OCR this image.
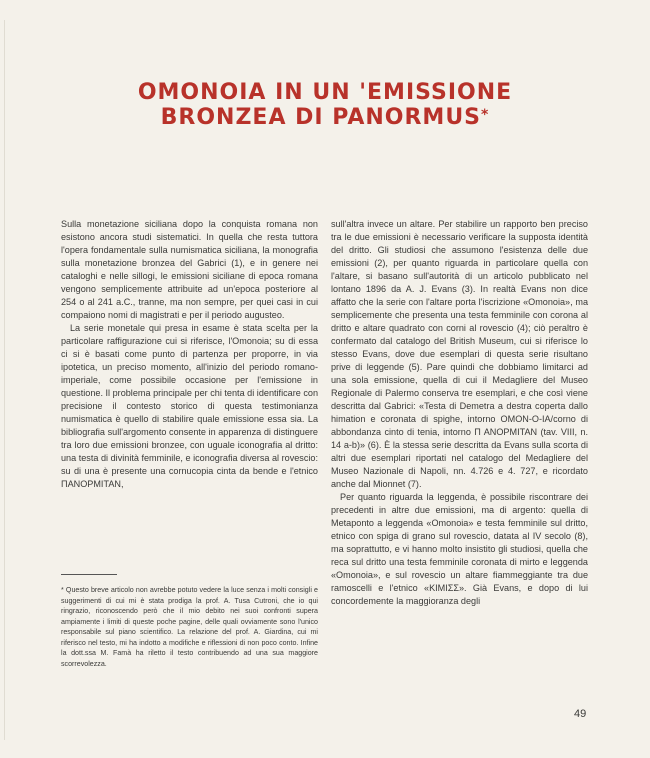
OMONOIA IN UN 'EMISSIONE
BRONZEA DI PANORMUS*

Sulla monetazione siciliana dopo la conquista romana non esistono ancora studi sistematici. In quella che resta tuttora l'opera fondamentale sulla numismatica siciliana, la monografia sulla monetazione bronzea del Gabrici (1), e in genere nei cataloghi e nelle sillogi, le emissioni siciliane di epoca romana vengono semplicemente attribuite ad un'epoca posteriore al 254 o al 241 a.C., tranne, ma non sempre, per quei casi in cui compaiono nomi di magistrati e per il periodo augusteo.

La serie monetale qui presa in esame è stata scelta per la particolare raffigurazione cui si riferisce, l'Omonoia; su di essa ci si è basati come punto di partenza per proporre, in via ipotetica, un preciso momento, all'inizio del periodo romano-imperiale, come possibile occasione per l'emissione in questione. Il problema principale per chi tenta di identificare con precisione il contesto storico di questa testimonianza numismatica è quello di stabilire quale emissione essa sia. La bibliografia sull'argomento consente in apparenza di distinguere tra loro due emissioni bronzee, con uguale iconografia al dritto: una testa di divinità femminile, e iconografia diversa al rovescio: su di una è presente una cornucopia cinta da bende e l'etnico ΠΑΝΟΡΜΙΤΑΝ,

sull'altra invece un altare. Per stabilire un rapporto ben preciso tra le due emissioni è necessario verificare la supposta identità del dritto. Gli studiosi che assumono l'esistenza delle due emissioni (2), per quanto riguarda in particolare quella con l'altare, si basano sull'autorità di un articolo pubblicato nel lontano 1896 da A. J. Evans (3). In realtà Evans non dice affatto che la serie con l'altare porta l'iscrizione «Omonoia», ma semplicemente che presenta una testa femminile con corona al dritto e altare quadrato con corni al rovescio (4); ciò peraltro è confermato dal catalogo del British Museum, cui si riferisce lo stesso Evans, dove due esemplari di questa serie risultano prive di leggende (5). Pare quindi che dobbiamo limitarci ad una sola emissione, quella di cui il Medagliere del Museo Regionale di Palermo conserva tre esemplari, e che così viene descritta dal Gabrici: «Testa di Demetra a destra coperta dallo himation e coronata di spighe, intorno OMON-O-IA/corno di abbondanza cinto di tenia, intorno Π ΑΝΟΡΜΙΤΑΝ (tav. VIII, n. 14 a-b)» (6). È la stessa serie descritta da Evans sulla scorta di altri due esemplari riportati nel catalogo del Medagliere del Museo Nazionale di Napoli, nn. 4.726 e 4. 727, e ricordato anche dal Mionnet (7).

Per quanto riguarda la leggenda, è possibile riscontrare dei precedenti in altre due emissioni, ma di argento: quella di Metaponto a leggenda «Omonoia» e testa femminile sul dritto, etnico con spiga di grano sul rovescio, datata al IV secolo (8), ma soprattutto, e vi hanno molto insistito gli studiosi, quella che reca sul dritto una testa femminile coronata di mirto e leggenda «Omonoia», e sul rovescio un altare fiammeggiante tra due ramoscelli e l'etnico «ΚΙΜΙΣΣ». Già Evans, e dopo di lui concordemente la maggioranza degli

* Questo breve articolo non avrebbe potuto vedere la luce senza i molti consigli e suggerimenti di cui mi è stata prodiga la prof. A. Tusa Cutroni, che io qui ringrazio, riconoscendo però che il mio debito nei suoi confronti supera ampiamente i limiti di queste poche pagine, delle quali ovviamente sono l'unico responsabile sul piano scientifico. La relazione del prof. A. Giardina, cui mi riferisco nel testo, mi ha indotto a modifiche e riflessioni di non poco conto. Infine la dott.ssa M. Famà ha riletto il testo contribuendo ad una sua maggiore scorrevolezza.
49
